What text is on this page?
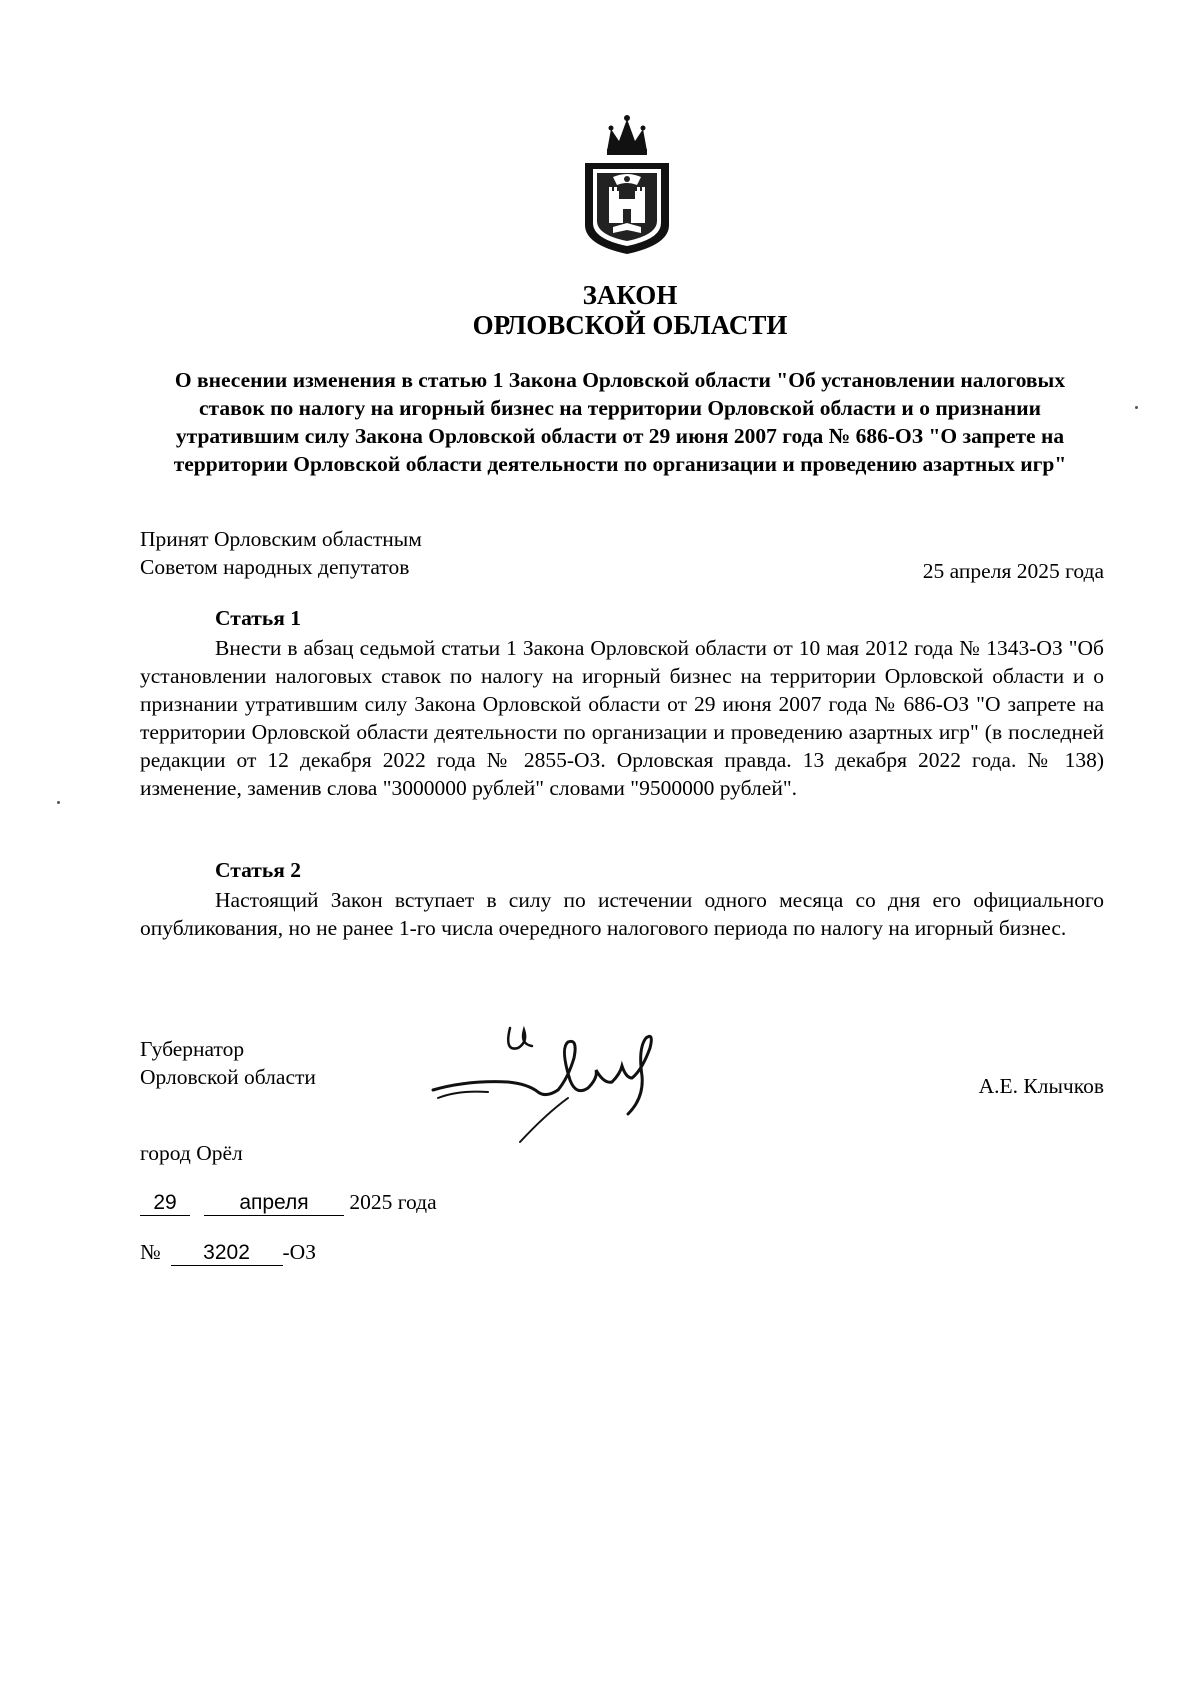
ЗАКОН
ОРЛОВСКОЙ ОБЛАСТИ
О внесении изменения в статью 1 Закона Орловской области "Об установлении налоговых ставок по налогу на игорный бизнес на территории Орловской области и о признании утратившим силу Закона Орловской области от 29 июня 2007 года № 686-ОЗ "О запрете на территории Орловской области деятельности по организации и проведению азартных игр"
Принят Орловским областным
Советом народных депутатов	25 апреля 2025 года
Статья 1
Внести в абзац седьмой статьи 1 Закона Орловской области от 10 мая 2012 года № 1343-ОЗ "Об установлении налоговых ставок по налогу на игорный бизнес на территории Орловской области и о признании утратившим силу Закона Орловской области от 29 июня 2007 года № 686-ОЗ "О запрете на территории Орловской области деятельности по организации и проведению азартных игр" (в последней редакции от 12 декабря 2022 года № 2855-ОЗ. Орловская правда. 13 декабря 2022 года. № 138) изменение, заменив слова "3000000 рублей" словами "9500000 рублей".
Статья 2
Настоящий Закон вступает в силу по истечении одного месяца со дня его официального опубликования, но не ранее 1-го числа очередного налогового периода по налогу на игорный бизнес.
Губернатор
Орловской области	А.Е. Клычков
город Орёл
29	апреля 2025 года
№ 3202 -ОЗ
